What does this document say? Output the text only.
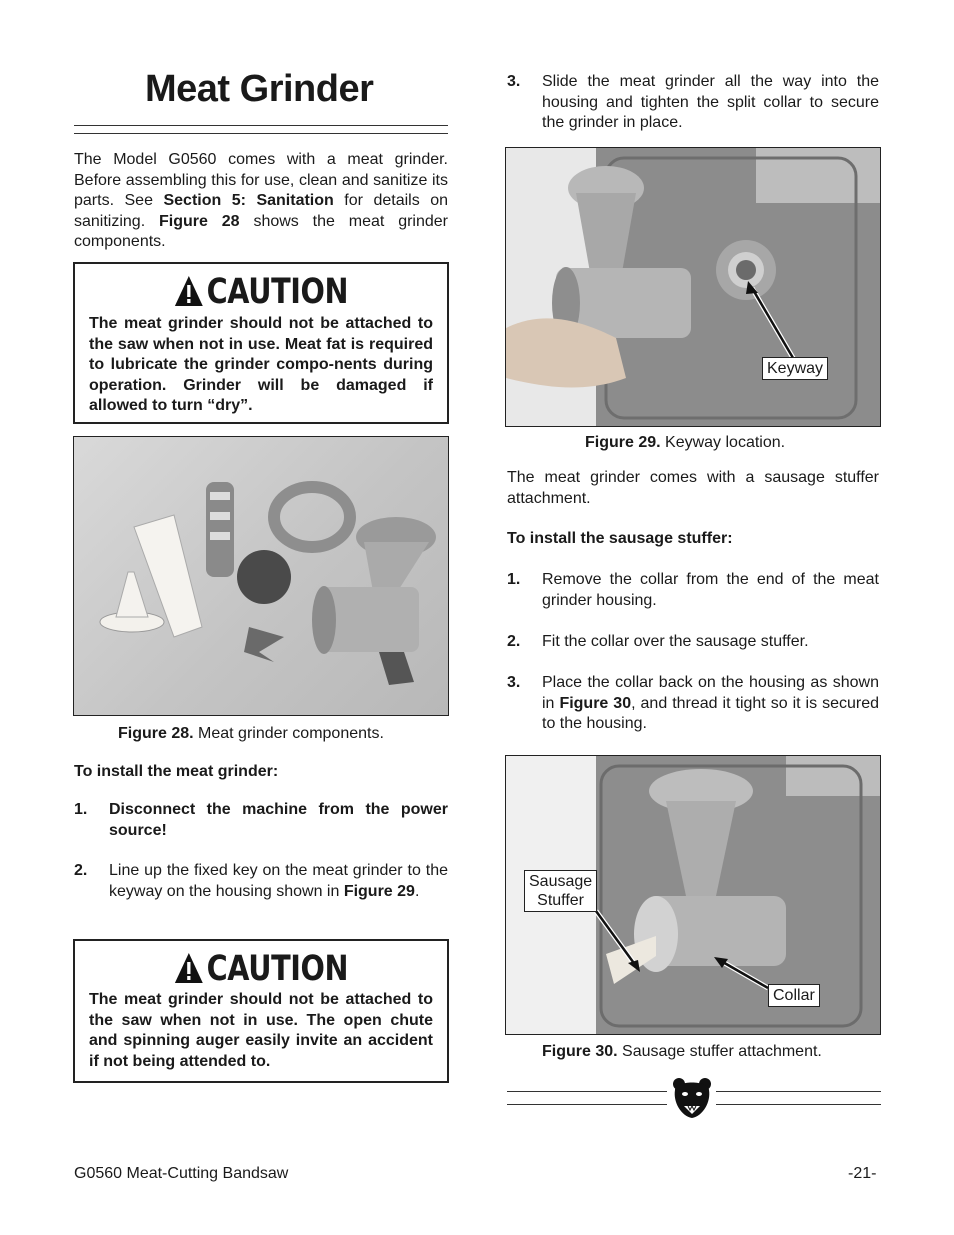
Meat Grinder

The Model G0560 comes with a meat grinder. Before assembling this for use, clean and sanitize its parts. See Section 5: Sanitation for details on sanitizing. Figure 28 shows the meat grinder components.

CAUTION

The meat grinder should not be attached to the saw when not in use. Meat fat is required to lubricate the grinder compo-nents during operation. Grinder will be damaged if allowed to turn “dry”.

Figure 28. Meat grinder components.

To install the meat grinder:

1. Disconnect the machine from the power source!
2. Line up the fixed key on the meat grinder to the keyway on the housing shown in Figure 29.
CAUTION

The meat grinder should not be attached to the saw when not in use. The open chute and spinning auger easily invite an accident if not being attended to.

3. Slide the meat grinder all the way into the housing and tighten the split collar to secure the grinder in place.
Keyway
Figure 29. Keyway location.

The meat grinder comes with a sausage stuffer attachment.

To install the sausage stuffer:

1. Remove the collar from the end of the meat grinder housing.
2. Fit the collar over the sausage stuffer.
3. Place the collar back on the housing as shown in Figure 30, and thread it tight so it is secured to the housing.
Sausage
Stuffer
Collar
Figure 30. Sausage stuffer attachment.
G0560 Meat-Cutting Bandsaw	-21-
